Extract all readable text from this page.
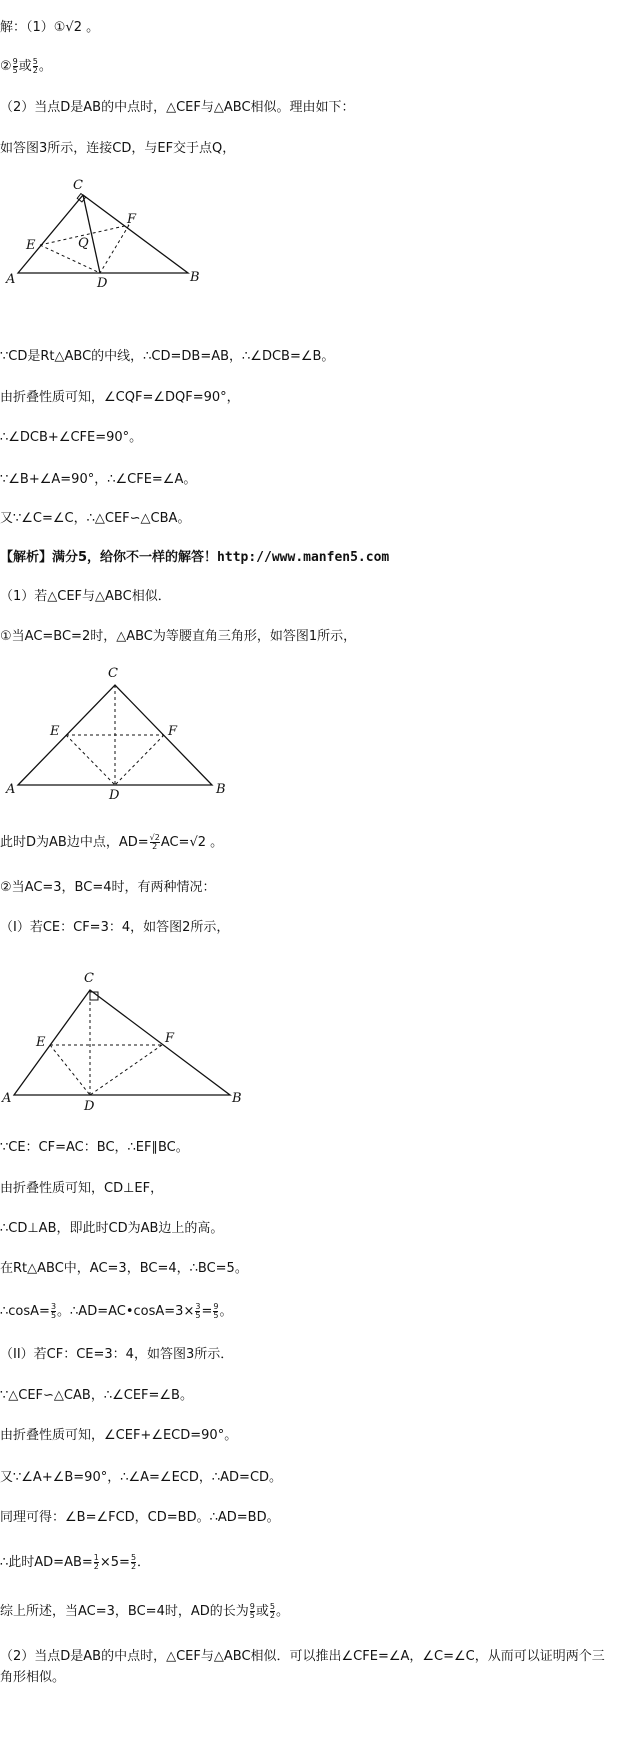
解：（1）①√2 。
② $\frac{9}{5}$ 或 $\frac{5}{2}$ 。
（2）当点D是AB的中点时，△CEF与△ABC相似。理由如下：
如答图3所示，连接CD，与EF交于点Q，
C
F
E	Q
A	D	B
∵CD是Rt△ABC的中线，∴CD=DB=AB，∴∠DCB=∠B。
由折叠性质可知，∠CQF=∠DQF=90°，
∴∠DCB+∠CFE=90°。
∵∠B+∠A=90°，∴∠CFE=∠A。
又∵∠C=∠C，∴△CEF∽△CBA。
【解析】满分5，给你不一样的解答！http://www.manfen5.com
（1）若△CEF与△ABC相似．
①当AC=BC=2时，△ABC为等腰直角三角形，如答图1所示，
C
E	F
A	D	B
此时D为AB边中点，$AD= \frac{√2}{2} AC=√2$ 。
②当AC=3，BC=4时，有两种情况：
（I）若CE：CF=3：4，如答图2所示，
C
E	F
A
D
B
∵CE：CF=AC：BC，∴EF∥BC。
由折叠性质可知，CD⊥EF，
∴CD⊥AB，即此时CD为AB边上的高。
在Rt△ABC中，AC=3，BC=4，∴BC=5。
∴cosA= $\frac{3}{5}$ 。∴AD=AC•cosA=3× $\frac{3}{5} = \frac{9}{5}$ 。
（II）若CF：CE=3：4，如答图3所示．
∵△CEF∽△CAB，∴∠CEF=∠B。
由折叠性质可知，∠CEF+∠ECD=90°。
又∵∠A+∠B=90°，∴∠A=∠ECD，∴AD=CD。
同理可得：∠B=∠FCD，CD=BD。∴AD=BD。
∴此时$AD=AB= \frac{1}{2} \times 5= \frac{5}{2}$ ．
综上所述，当AC=3，BC=4时，AD的长为 $\frac{9}{5}$ 或 $\frac{5}{2}$ 。
（2）当点D是AB的中点时，△CEF与△ABC相似．可以推出∠CFE=∠A，∠C=∠C，从而可以证明两个三
角形相似。
